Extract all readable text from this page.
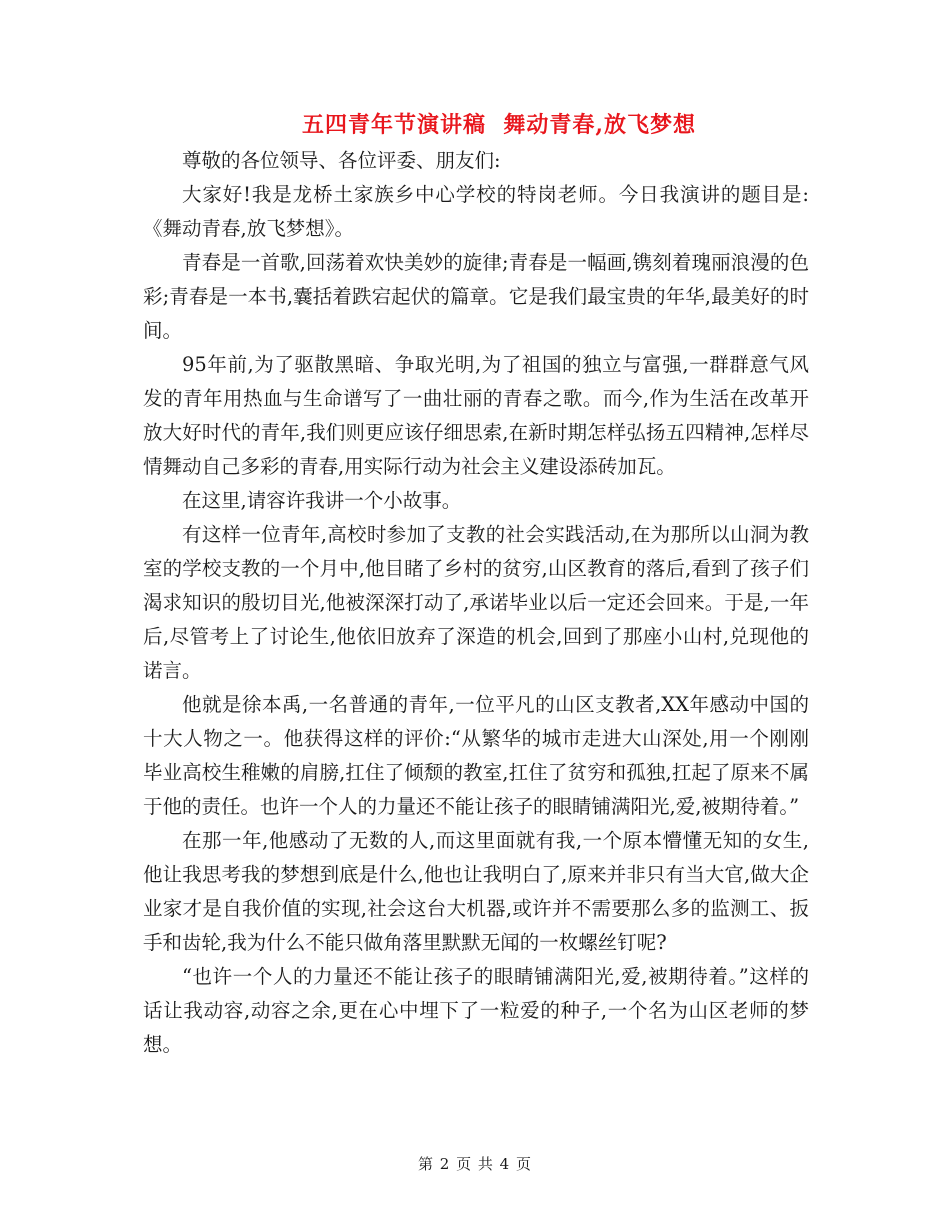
五四青年节演讲稿  舞动青春,放飞梦想

尊敬的各位领导、各位评委、朋友们:

大家好!我是龙桥土家族乡中心学校的特岗老师。今日我演讲的题目是:《舞动青春,放飞梦想》。

青春是一首歌,回荡着欢快美妙的旋律;青春是一幅画,镌刻着瑰丽浪漫的色彩;青春是一本书,囊括着跌宕起伏的篇章。它是我们最宝贵的年华,最美好的时间。

95年前,为了驱散黑暗、争取光明,为了祖国的独立与富强,一群群意气风发的青年用热血与生命谱写了一曲壮丽的青春之歌。而今,作为生活在改革开放大好时代的青年,我们则更应该仔细思索,在新时期怎样弘扬五四精神,怎样尽情舞动自己多彩的青春,用实际行动为社会主义建设添砖加瓦。

在这里,请容许我讲一个小故事。

有这样一位青年,高校时参加了支教的社会实践活动,在为那所以山洞为教室的学校支教的一个月中,他目睹了乡村的贫穷,山区教育的落后,看到了孩子们渴求知识的殷切目光,他被深深打动了,承诺毕业以后一定还会回来。于是,一年后,尽管考上了讨论生,他依旧放弃了深造的机会,回到了那座小山村,兑现他的诺言。

他就是徐本禹,一名普通的青年,一位平凡的山区支教者,XX年感动中国的十大人物之一。他获得这样的评价:“从繁华的城市走进大山深处,用一个刚刚毕业高校生稚嫩的肩膀,扛住了倾颓的教室,扛住了贫穷和孤独,扛起了原来不属于他的责任。也许一个人的力量还不能让孩子的眼睛铺满阳光,爱,被期待着。”

在那一年,他感动了无数的人,而这里面就有我,一个原本懵懂无知的女生,他让我思考我的梦想到底是什么,他也让我明白了,原来并非只有当大官,做大企业家才是自我价值的实现,社会这台大机器,或许并不需要那么多的监测工、扳手和齿轮,我为什么不能只做角落里默默无闻的一枚螺丝钉呢?

“也许一个人的力量还不能让孩子的眼睛铺满阳光,爱,被期待着。”这样的话让我动容,动容之余,更在心中埋下了一粒爱的种子,一个名为山区老师的梦想。

第 2 页 共 4 页
